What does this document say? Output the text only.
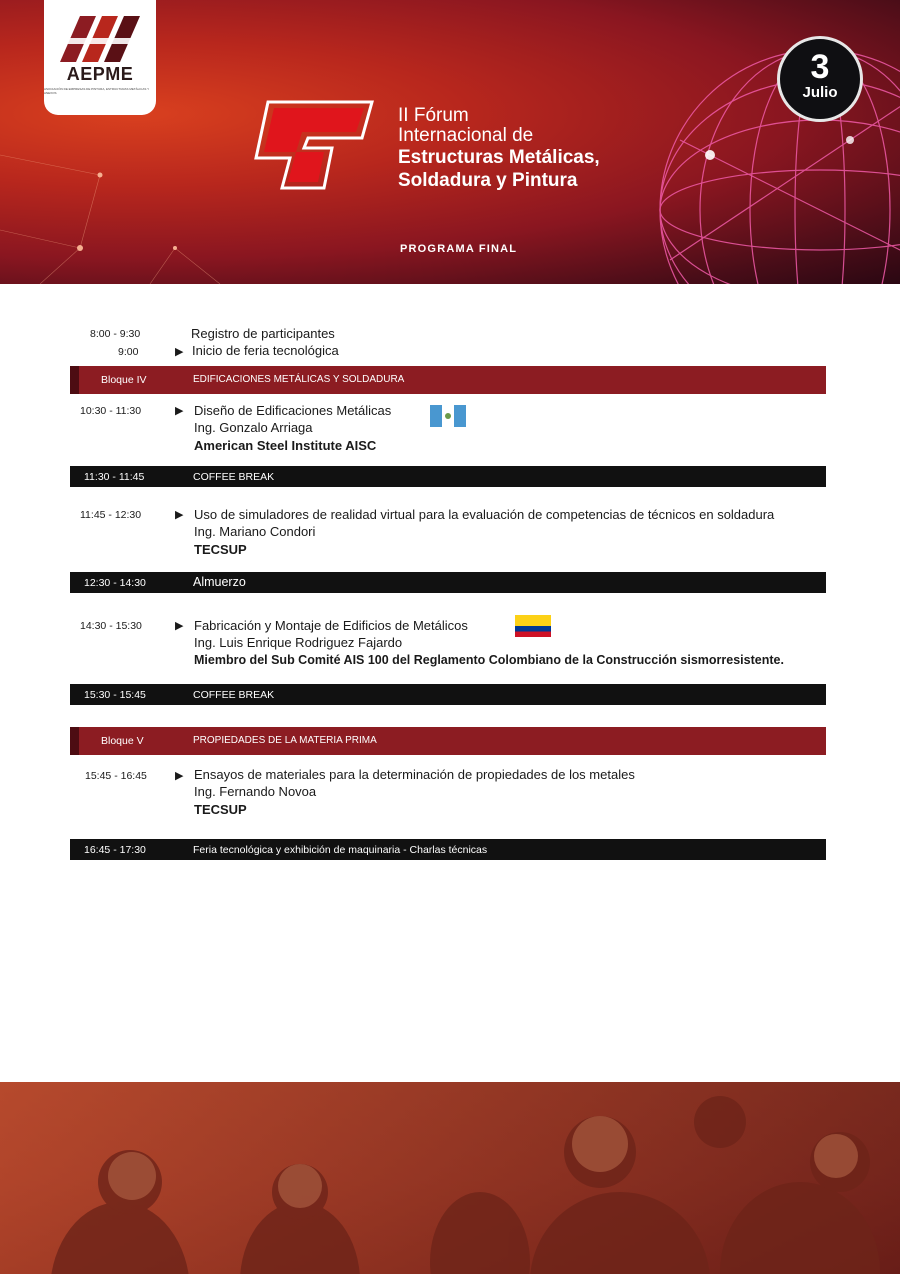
AEPME
ASOCIACIÓN DE EMPRESAS DE PINTURA, ESTRUCTURAS METÁLICAS Y ANEXOS
II Fórum
Internacional de
Estructuras Metálicas,
Soldadura y Pintura
PROGRAMA FINAL
3
Julio
8:00 - 9:30	Registro de participantes
9:00	▶ Inicio de feria tecnológica
Bloque IV	EDIFICACIONES METÁLICAS Y SOLDADURA
10:30 - 11:30	▶ Diseño de Edificaciones Metálicas
Ing. Gonzalo Arriaga
American Steel Institute AISC
11:30 - 11:45	COFFEE BREAK
11:45 - 12:30	▶ Uso de simuladores de realidad virtual para la evaluación de competencias de técnicos en soldadura
Ing. Mariano Condori
TECSUP
12:30 - 14:30	Almuerzo
14:30 - 15:30	▶ Fabricación y Montaje de Edificios de Metálicos
Ing. Luis Enrique Rodriguez Fajardo
Miembro del Sub Comité AIS 100 del Reglamento Colombiano de la Construcción sismorresistente.
15:30 - 15:45	COFFEE BREAK
Bloque V	PROPIEDADES DE LA MATERIA PRIMA
15:45 - 16:45	▶ Ensayos de materiales para la determinación de propiedades de los metales
Ing. Fernando Novoa
TECSUP
16:45 - 17:30	Feria tecnológica y exhibición de maquinaria - Charlas técnicas
